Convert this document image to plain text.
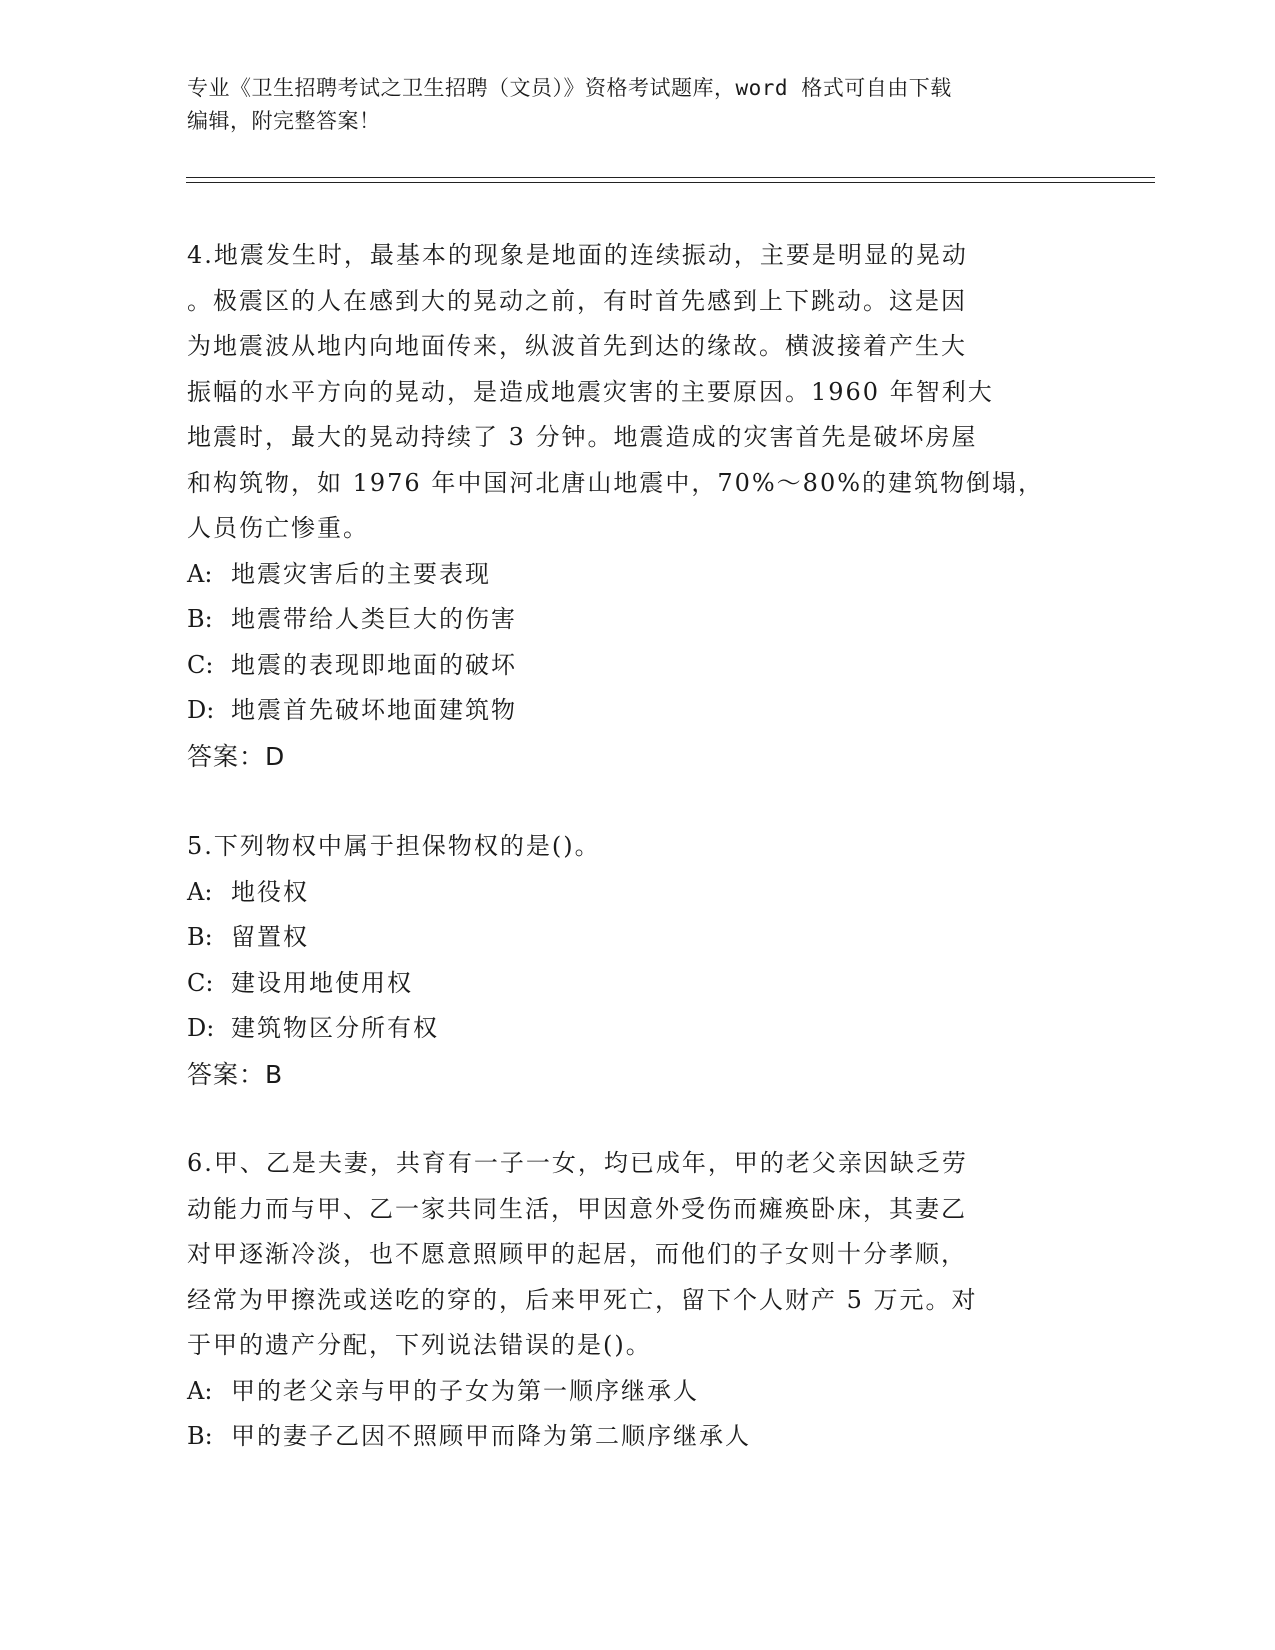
专业《卫生招聘考试之卫生招聘（文员）》资格考试题库，word 格式可自由下载
编辑，附完整答案！

4.地震发生时，最基本的现象是地面的连续振动，主要是明显的晃动

。极震区的人在感到大的晃动之前，有时首先感到上下跳动。这是因

为地震波从地内向地面传来，纵波首先到达的缘故。横波接着产生大

振幅的水平方向的晃动，是造成地震灾害的主要原因。1960 年智利大

地震时，最大的晃动持续了 3 分钟。地震造成的灾害首先是破坏房屋

和构筑物，如 1976 年中国河北唐山地震中，70%～80%的建筑物倒塌，

人员伤亡惨重。

A: 地震灾害后的主要表现

B: 地震带给人类巨大的伤害

C: 地震的表现即地面的破坏

D: 地震首先破坏地面建筑物

答案：D

5.下列物权中属于担保物权的是()。

A: 地役权

B: 留置权

C: 建设用地使用权

D: 建筑物区分所有权

答案：B

6.甲、乙是夫妻，共育有一子一女，均已成年，甲的老父亲因缺乏劳

动能力而与甲、乙一家共同生活，甲因意外受伤而瘫痪卧床，其妻乙

对甲逐渐冷淡，也不愿意照顾甲的起居，而他们的子女则十分孝顺，

经常为甲擦洗或送吃的穿的，后来甲死亡，留下个人财产 5 万元。对

于甲的遗产分配，下列说法错误的是()。

A: 甲的老父亲与甲的子女为第一顺序继承人

B: 甲的妻子乙因不照顾甲而降为第二顺序继承人
